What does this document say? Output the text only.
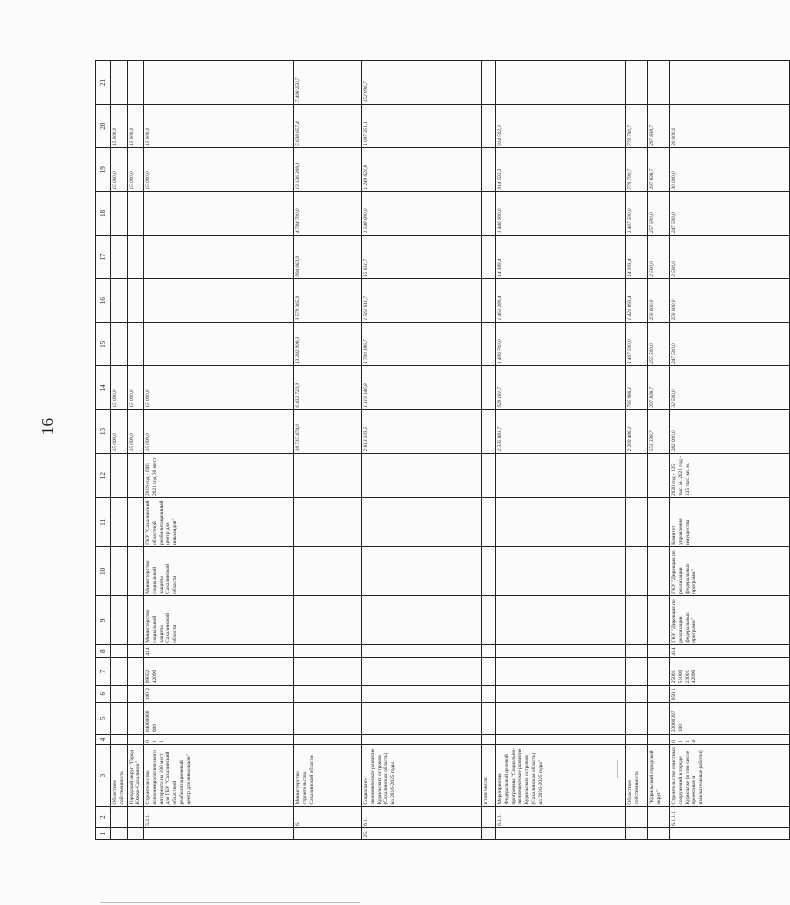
16
1	2	3	4	5	6	7	8	9	10	11	12	13	14	15	16	17	18	19	20	21
		Областное собственность										15 000,0	15 000,0					15 000,0	15 000,0	
		Городской округ "Город Южно-Сахалинск"										15 000,0	15 000,0					15 000,0	15 000,0	
	5.2.1.	Строительство психоневрологического интерната на 100 мест для ГБУ "Сахалинский областной реабилитационный центр для инвалидов"	0 1 1	04000066 000	100 2	09052 42090	414	Министерство социальной защиты Сахалинской области	Министерство социальной защиты Сахалинской области	ГКУ "Сахалинский областной реабилитационный центр для инвалидов"	2019 год - ПИ; 2021 год 30 мест	15 000,0	15 000,0					15 000,0	15 000,0	
	6.	Министерство строительства Сахалинской области										18 715 474,0	6 432 723,3	13 282 998,3	3 579 365,9	994 663,9	4 784 700,0	13 136 308,1	5 638 657,4	7 498 250,7
25.	6.1.	Социально-экономическое развитие Курильских островов (Сахалинская область) на 2016-2025 годы										2 813 333,5	1 113 146,8	1 700 186,7	1 561 611,7	15 611,7	1 548 000,0	1 249 621,8	1 097 351,1	152 096,7
		в том числе:																		
	6.1.1.	Мероприятия Федеральной целевой программы "Социально-экономическое развитие Курильских островов (Сахалинская область) на 2016-2025 годы"										2 335 881,7	929 181,7	1 406 700,0	1 461 289,4	14 389,4	1 446 900,0	914 592,3	914 592,3	
		Областное собственность										2 209 486,1	795 986,1	1 407 500,0	1 421 893,4	14 393,4	1 407 500,0	779 790,7	779 790,7	
		"Курильский городской округ"										553 338,7	297 838,7	255 500,0	250 000,0	2 500,0	257 500,0	297 838,7	297 838,7	
	6.1.1.1	Строительство очистных сооружений в городе Курильске (в том числе проектные и изыскательные работы)	0 1 1 4	23000397 100	050 1	25001 51000 23001 42090	414	ГКУ "Дирекция по реализации федеральных программ"	ГКУ "Дирекция по реализации федеральных программ"	Комитет управления имущества	2020 год - 125 тыс. м. 2021 год - 125 тыс. кв. м.	282 000,0	32 500,0	247 500,0	250 000,0	2 500,0	247 500,0	30 000,0	30 000,0	
